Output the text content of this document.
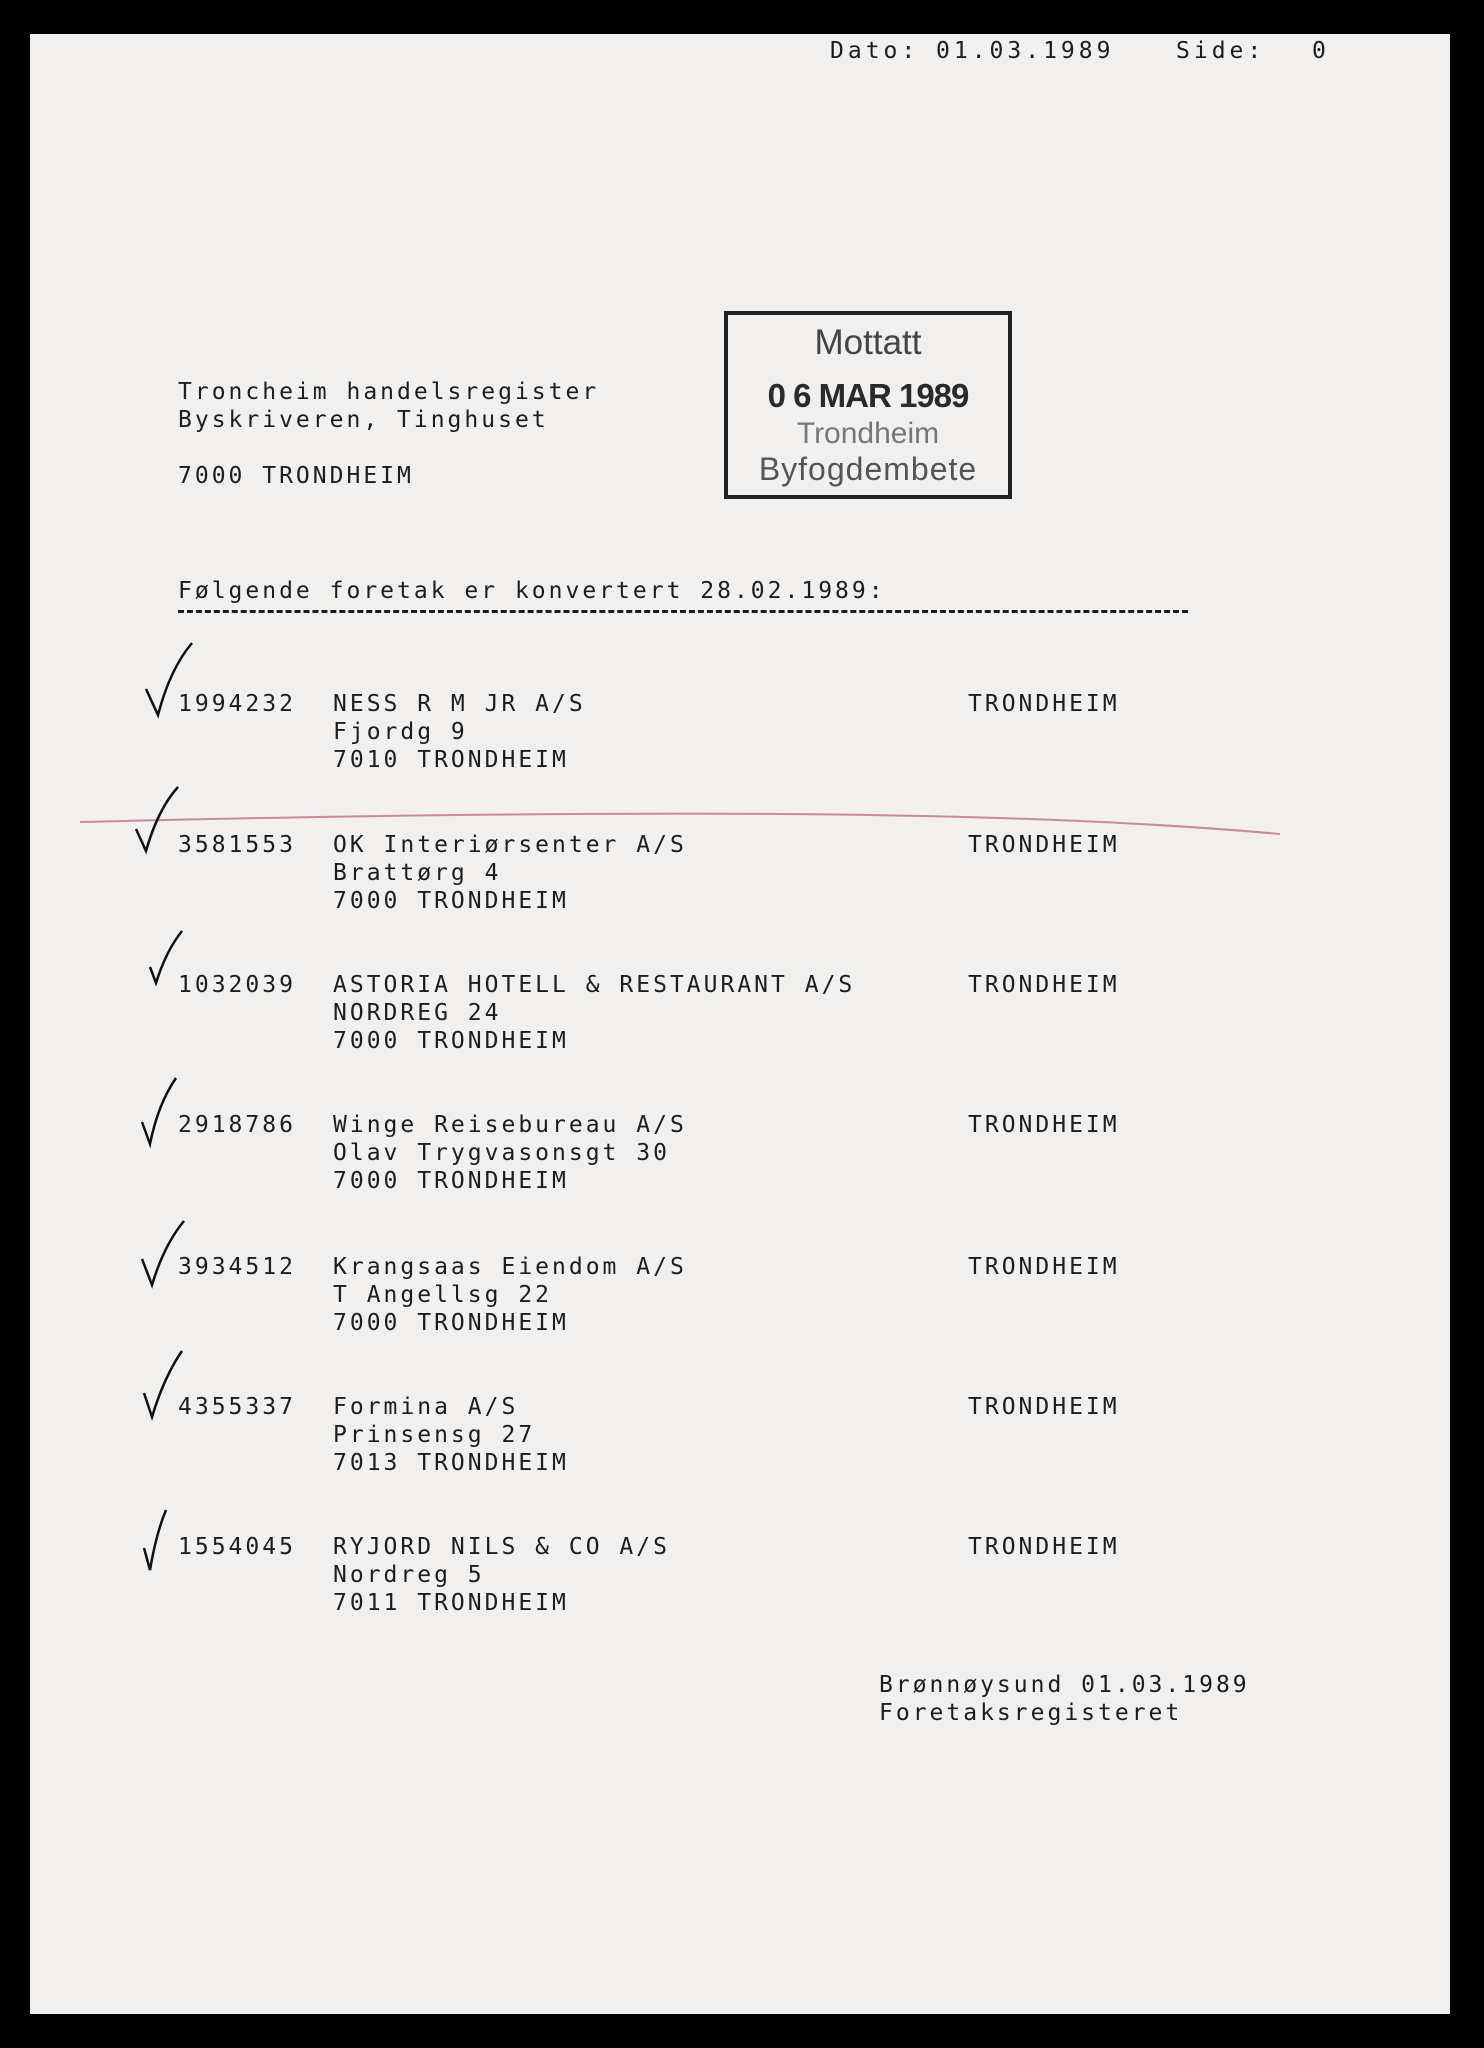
Dato: 01.03.1989	Side: 0
Troncheim handelsregister
Byskriveren, Tinghuset
7000 TRONDHEIM
Mottatt
0 6 MAR 1989
Trondheim
Byfogdembete
Følgende foretak er konvertert 28.02.1989:
1994232 NESS R M JR A/S
Fjordg 9
7010 TRONDHEIM
TRONDHEIM
3581553 OK Interiørsenter A/S
Brattørg 4
7000 TRONDHEIM
TRONDHEIM
1032039 ASTORIA HOTELL & RESTAURANT A/S
NORDREG 24
7000 TRONDHEIM
TRONDHEIM
2918786 Winge Reisebureau A/S
Olav Trygvasonsgt 30
7000 TRONDHEIM
TRONDHEIM
3934512 Krangsaas Eiendom A/S
T Angellsg 22
7000 TRONDHEIM
TRONDHEIM
4355337 Formina A/S
Prinsensg 27
7013 TRONDHEIM
TRONDHEIM
1554045 RYJORD NILS & CO A/S
Nordreg 5
7011 TRONDHEIM
TRONDHEIM
Brønnøysund 01.03.1989
Foretaksregisteret
